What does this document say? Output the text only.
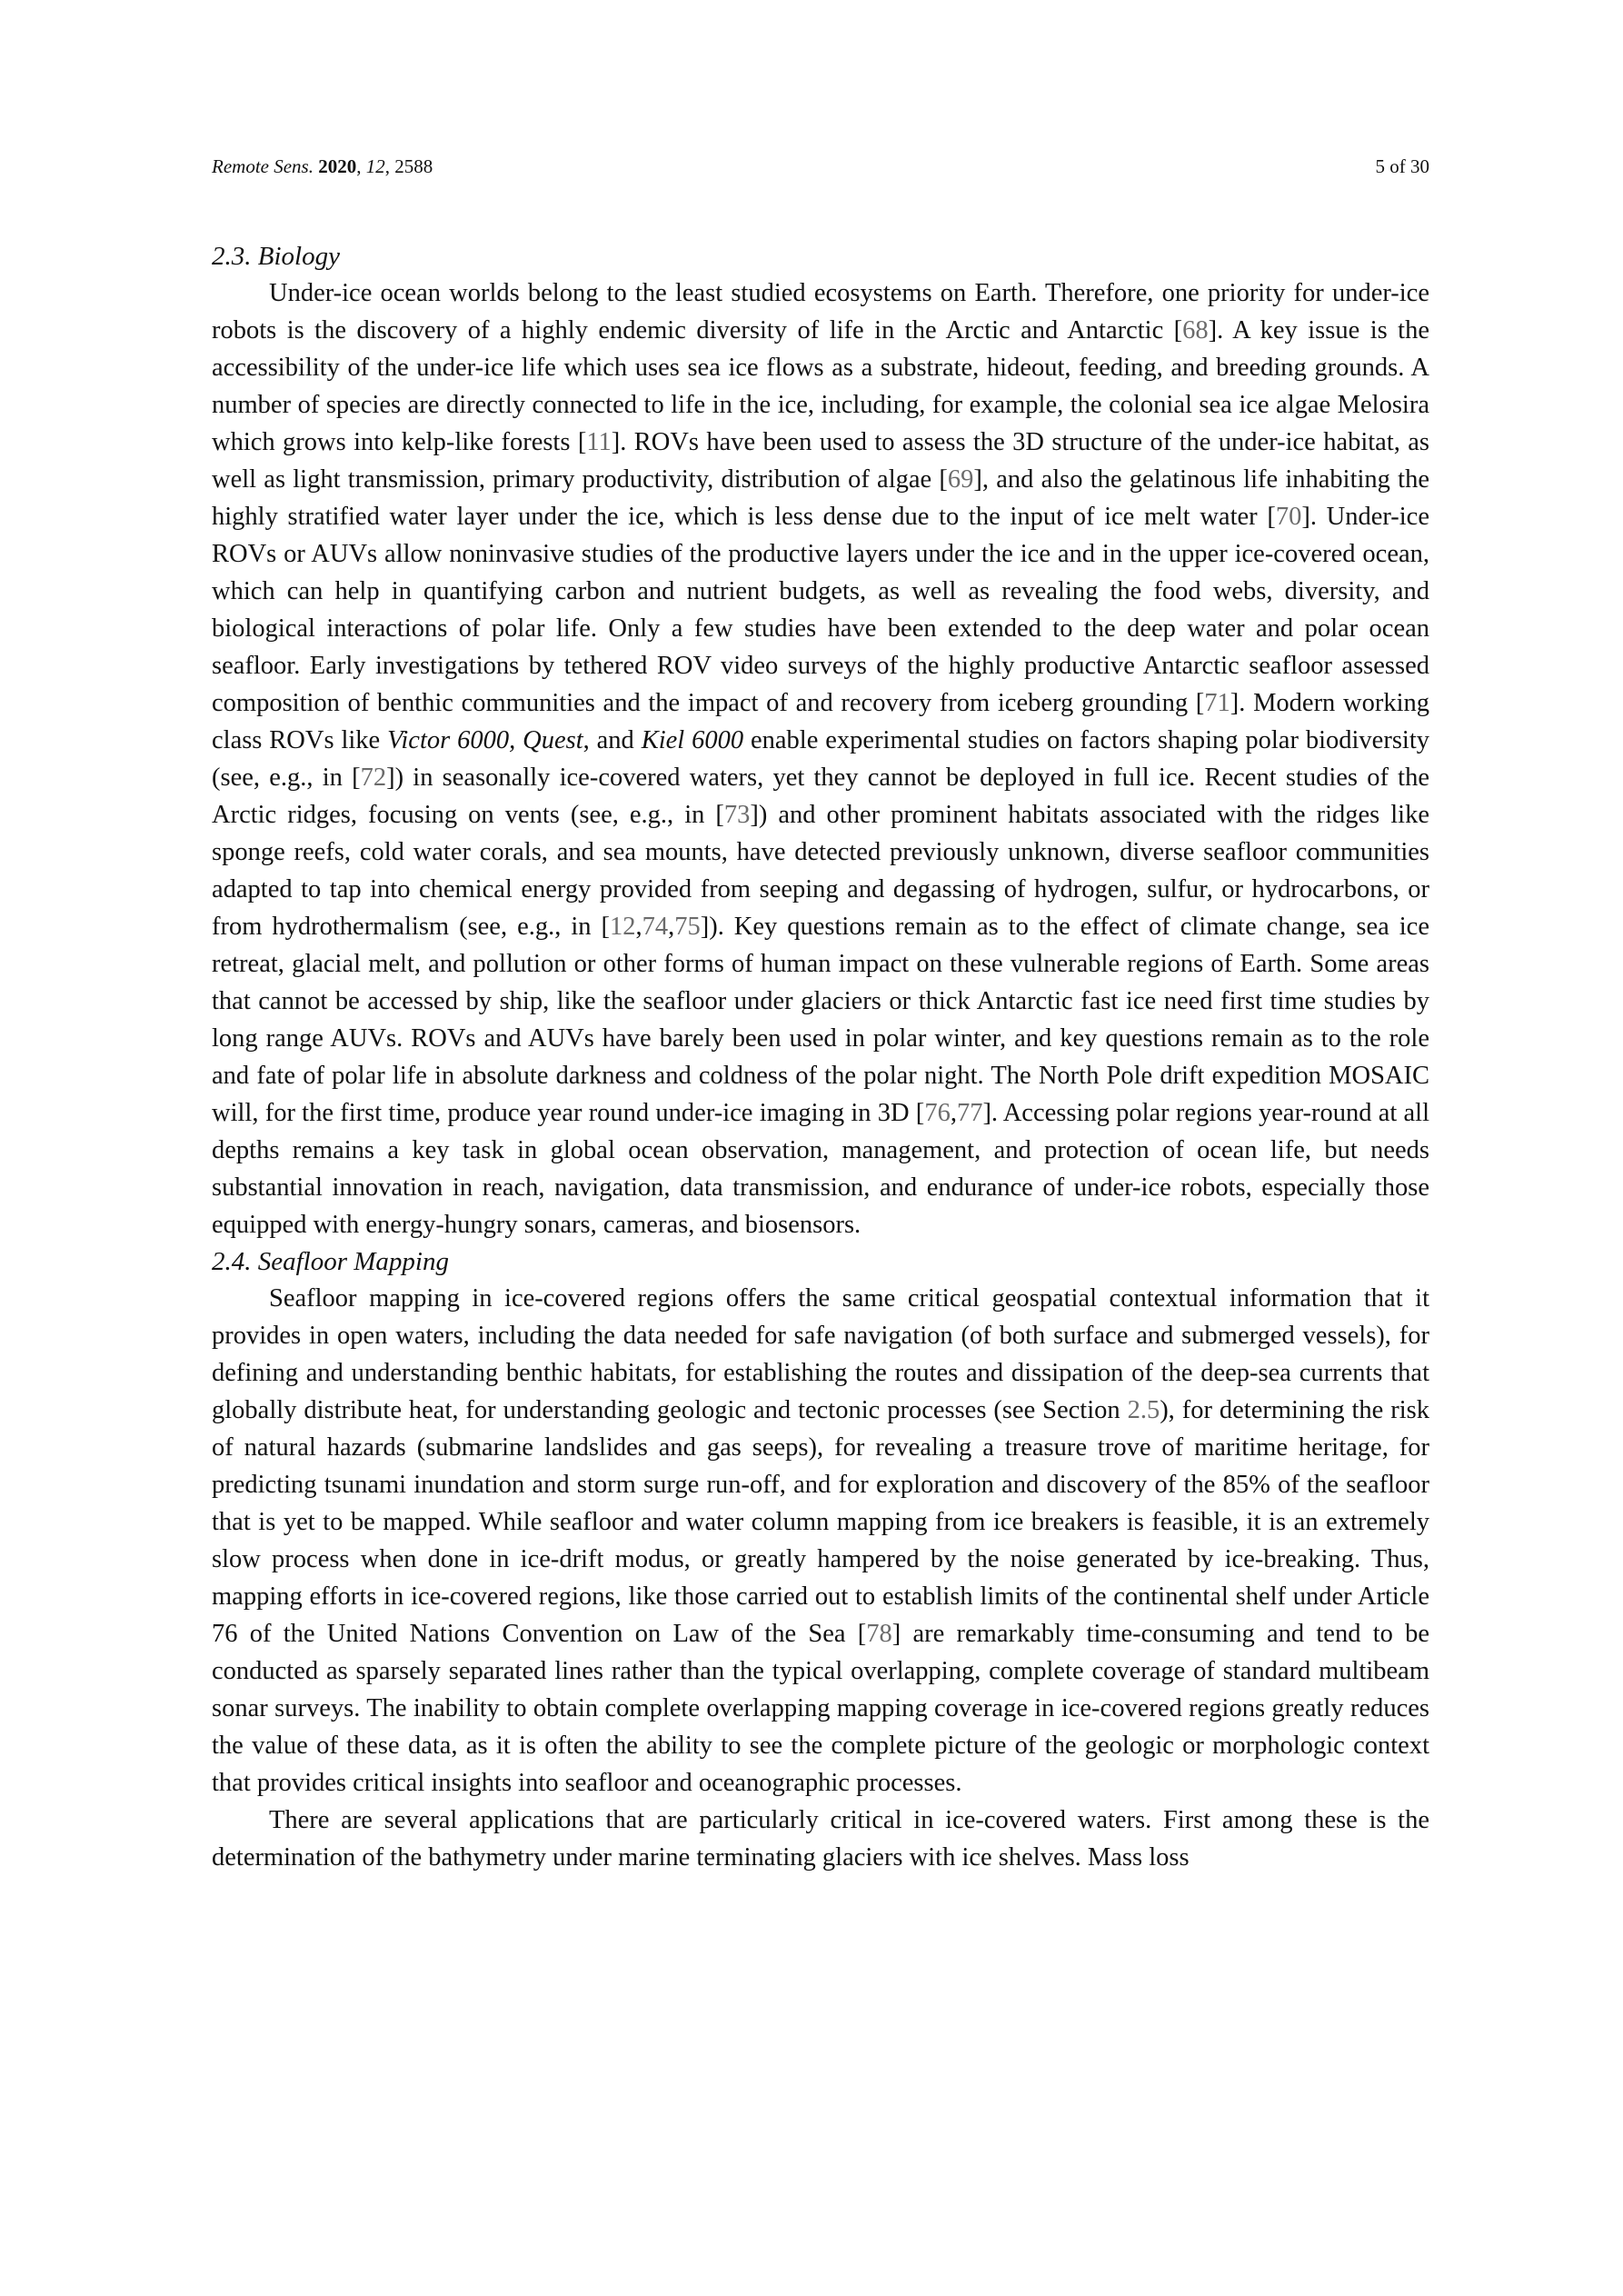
Remote Sens. 2020, 12, 2588	5 of 30
2.3. Biology

Under-ice ocean worlds belong to the least studied ecosystems on Earth. Therefore, one priority for under-ice robots is the discovery of a highly endemic diversity of life in the Arctic and Antarctic [68]. A key issue is the accessibility of the under-ice life which uses sea ice flows as a substrate, hideout, feeding, and breeding grounds. A number of species are directly connected to life in the ice, including, for example, the colonial sea ice algae Melosira which grows into kelp-like forests [11]. ROVs have been used to assess the 3D structure of the under-ice habitat, as well as light transmission, primary productivity, distribution of algae [69], and also the gelatinous life inhabiting the highly stratified water layer under the ice, which is less dense due to the input of ice melt water [70]. Under-ice ROVs or AUVs allow noninvasive studies of the productive layers under the ice and in the upper ice-covered ocean, which can help in quantifying carbon and nutrient budgets, as well as revealing the food webs, diversity, and biological interactions of polar life. Only a few studies have been extended to the deep water and polar ocean seafloor. Early investigations by tethered ROV video surveys of the highly productive Antarctic seafloor assessed composition of benthic communities and the impact of and recovery from iceberg grounding [71]. Modern working class ROVs like Victor 6000, Quest, and Kiel 6000 enable experimental studies on factors shaping polar biodiversity (see, e.g., in [72]) in seasonally ice-covered waters, yet they cannot be deployed in full ice. Recent studies of the Arctic ridges, focusing on vents (see, e.g., in [73]) and other prominent habitats associated with the ridges like sponge reefs, cold water corals, and sea mounts, have detected previously unknown, diverse seafloor communities adapted to tap into chemical energy provided from seeping and degassing of hydrogen, sulfur, or hydrocarbons, or from hydrothermalism (see, e.g., in [12,74,75]). Key questions remain as to the effect of climate change, sea ice retreat, glacial melt, and pollution or other forms of human impact on these vulnerable regions of Earth. Some areas that cannot be accessed by ship, like the seafloor under glaciers or thick Antarctic fast ice need first time studies by long range AUVs. ROVs and AUVs have barely been used in polar winter, and key questions remain as to the role and fate of polar life in absolute darkness and coldness of the polar night. The North Pole drift expedition MOSAIC will, for the first time, produce year round under-ice imaging in 3D [76,77]. Accessing polar regions year-round at all depths remains a key task in global ocean observation, management, and protection of ocean life, but needs substantial innovation in reach, navigation, data transmission, and endurance of under-ice robots, especially those equipped with energy-hungry sonars, cameras, and biosensors.

2.4. Seafloor Mapping

Seafloor mapping in ice-covered regions offers the same critical geospatial contextual information that it provides in open waters, including the data needed for safe navigation (of both surface and submerged vessels), for defining and understanding benthic habitats, for establishing the routes and dissipation of the deep-sea currents that globally distribute heat, for understanding geologic and tectonic processes (see Section 2.5), for determining the risk of natural hazards (submarine landslides and gas seeps), for revealing a treasure trove of maritime heritage, for predicting tsunami inundation and storm surge run-off, and for exploration and discovery of the 85% of the seafloor that is yet to be mapped. While seafloor and water column mapping from ice breakers is feasible, it is an extremely slow process when done in ice-drift modus, or greatly hampered by the noise generated by ice-breaking. Thus, mapping efforts in ice-covered regions, like those carried out to establish limits of the continental shelf under Article 76 of the United Nations Convention on Law of the Sea [78] are remarkably time-consuming and tend to be conducted as sparsely separated lines rather than the typical overlapping, complete coverage of standard multibeam sonar surveys. The inability to obtain complete overlapping mapping coverage in ice-covered regions greatly reduces the value of these data, as it is often the ability to see the complete picture of the geologic or morphologic context that provides critical insights into seafloor and oceanographic processes.

There are several applications that are particularly critical in ice-covered waters. First among these is the determination of the bathymetry under marine terminating glaciers with ice shelves. Mass loss
